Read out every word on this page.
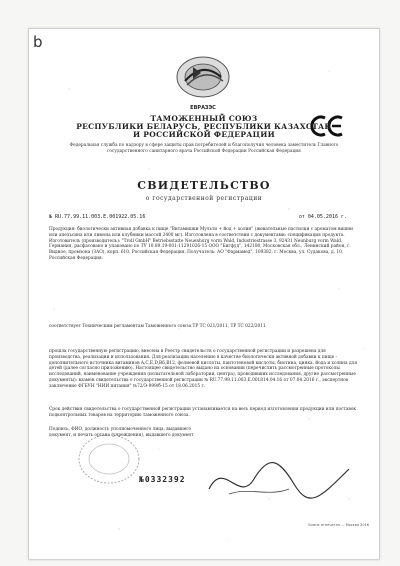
b
ЕВРАЗЭС
ТАМОЖЕННЫЙ СОЮЗ
РЕСПУБЛИКИ БЕЛАРУСЬ, РЕСПУБЛИКИ КАЗАХСТАН
И РОССИЙСКОЙ ФЕДЕРАЦИИ
Федеральная служба по надзору в сфере защиты прав потребителей и благополучия человека заместитель Главного государственного санитарного врача Российской Федерации Российская Федерация
СВИДЕТЕЛЬСТВО
о государственной регистрации
№ RU.77.99.11.003.Е.001922.05.16	от 04.05.2016 г.
Продукция: биологически активная добавка к пище "Витамишки Мульти + йод + холин" (жевательные пастилки с ароматом вишни или апельсина или лимона или клубники массой 2400 мг). Изготовлена в соответствии с документами: спецификация продукта. Изготовитель (производитель): "Troll GmbH" Betriebsstatte Neuenburg vorm Wald, Industriestrasse 3, 92431 Neunburg vorm Wald, Германия, расфасовано и упаковано по ТУ 10.89.19-001-11291026-15 ООО "Бигфуд", 142180, Московская обл., Ленинский район, г. Видное, промзона (ЗАО), корп. 610, Российская Федерация. Получатель: АО "Фармамед", 109382, г. Москва, ул. Судакова, д. 10, Российская Федерация.
соответствует Техническим регламентам Таможенного союза ТР ТС 021/2011, ТР ТС 022/2011
прошла государственную регистрацию, внесена в Реестр свидетельств о государственной регистрации и разрешена для производства, реализации и использования. Для реализации населению в качестве биологически активной добавки к пище - дополнительного источника витаминов A,C,E,D,B6,B12, фолиевой кислоты, пантотеновой кислоты, биотина, цинка, йода и холина для детей (далее согласно приложению). Настоящее свидетельство выдано на основании (перечислить рассмотренные протоколы исследований, наименование учреждения (испытательной лаборатории, центра), проводивших исследования, другие рассмотренные документы): взамен свидетельства о государственной регистрации № RU.77.99.11.003.Е.001814.04.16 от 07.04.2016 г., экспертное заключение ФГБУН "НИИ питания" №72/Э-999/б-15 от 18.06.2015 г.
Срок действия свидетельства о государственной регистрации устанавливается на весь период изготовления продукции или поставок подконтрольных товаров на территорию таможенного союза.
Подпись, ФИО, должность уполномоченного лица, выдавшего документ, и печать органа (учреждения), выдавшего документ
№0332392
Бланк отпечатан ... Москва 2016
